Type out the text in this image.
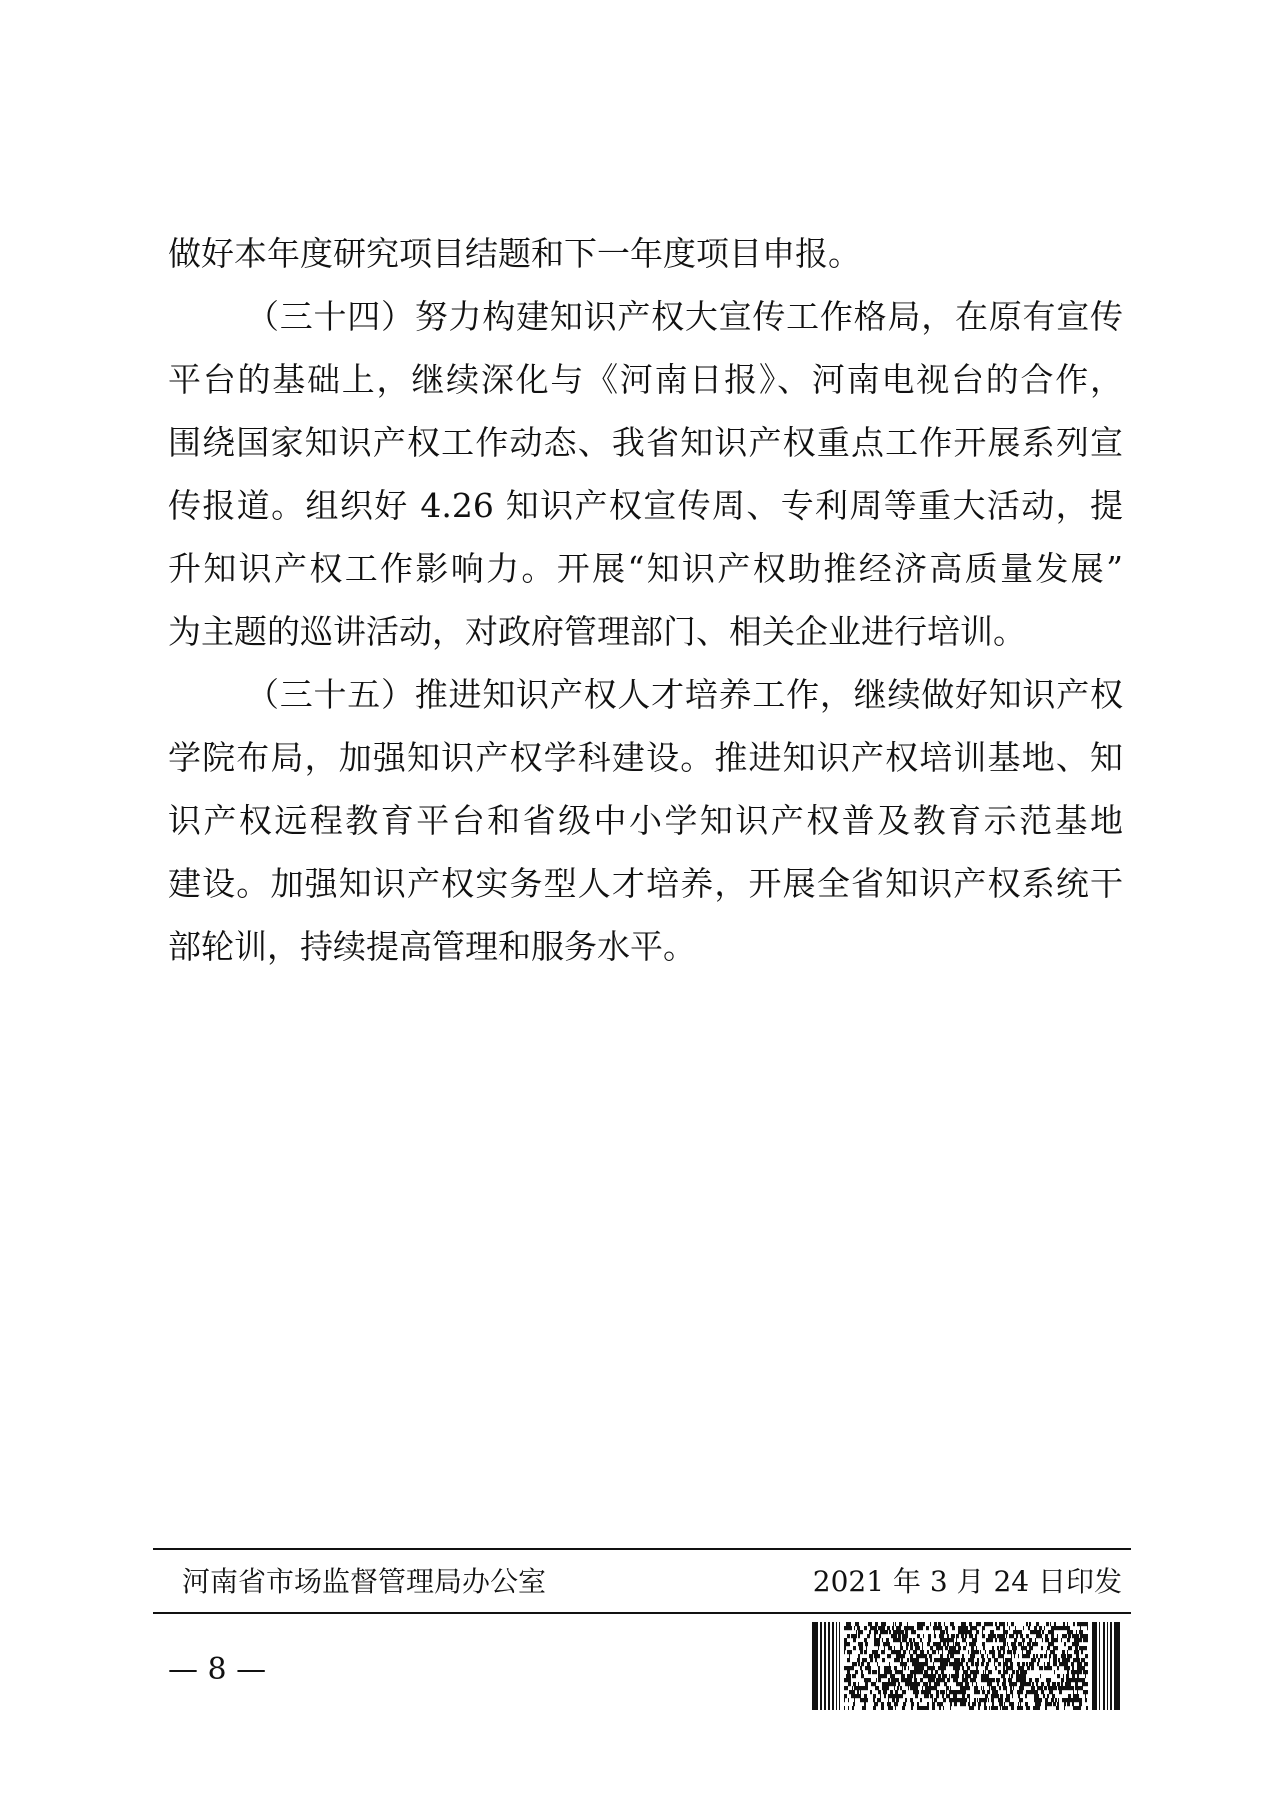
做好本年度研究项目结题和下一年度项目申报。
（三十四）努力构建知识产权大宣传工作格局，在原有宣传
平台的基础上，继续深化与《河南日报》、河南电视台的合作，
围绕国家知识产权工作动态、我省知识产权重点工作开展系列宣
传报道。组织好 4.26 知识产权宣传周、专利周等重大活动，提
升知识产权工作影响力。开展“知识产权助推经济高质量发展”
为主题的巡讲活动，对政府管理部门、相关企业进行培训。
（三十五）推进知识产权人才培养工作，继续做好知识产权
学院布局，加强知识产权学科建设。推进知识产权培训基地、知
识产权远程教育平台和省级中小学知识产权普及教育示范基地
建设。加强知识产权实务型人才培养，开展全省知识产权系统干
部轮训，持续提高管理和服务水平。
河南省市场监督管理局办公室	2021 年 3 月 24 日印发
— 8 —
